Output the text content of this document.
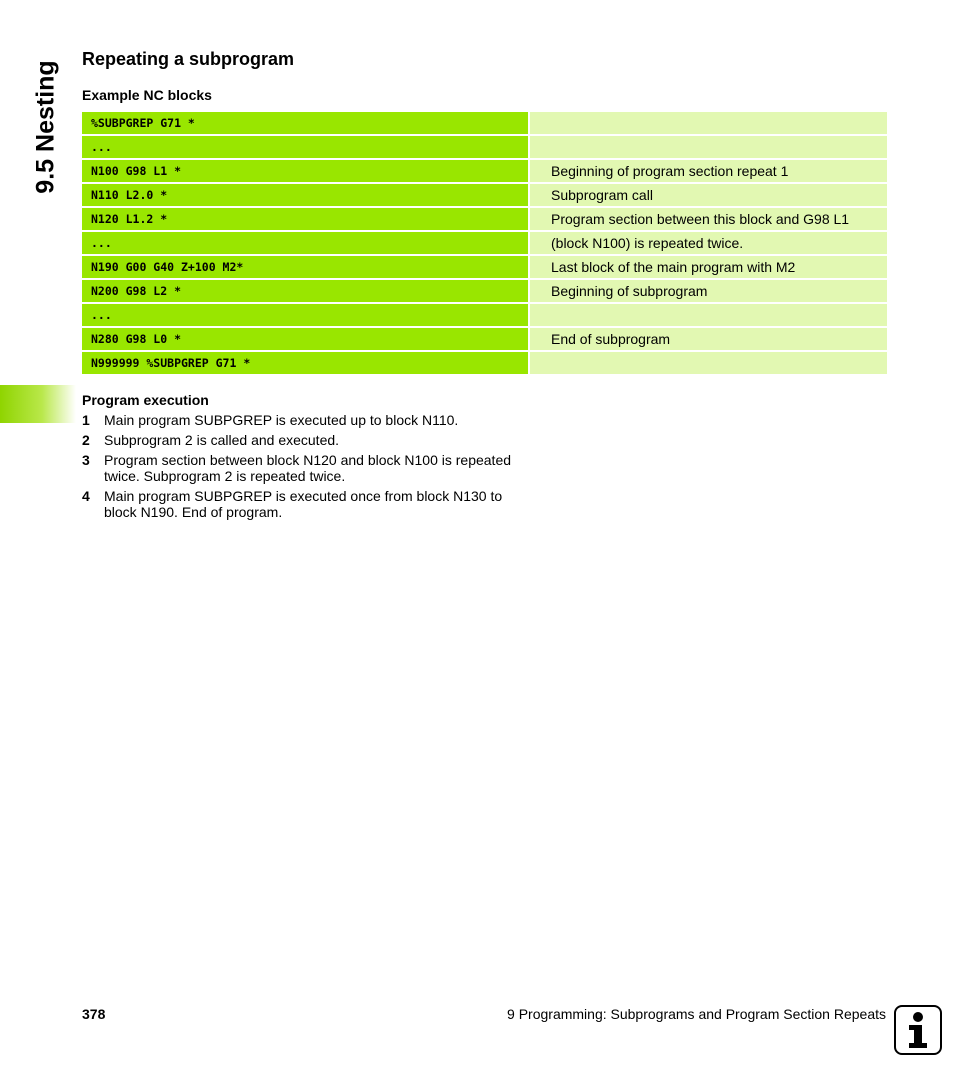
9.5 Nesting
Repeating a subprogram
Example NC blocks
%SUBPGREP G71 *
...
N100 G98 L1 *	Beginning of program section repeat 1
N110 L2.0 *	Subprogram call
N120 L1.2 *	Program section between this block and G98 L1
...	(block N100) is repeated twice.
N190 G00 G40 Z+100 M2*	Last block of the main program with M2
N200 G98 L2 *	Beginning of subprogram
...
N280 G98 L0 *	End of subprogram
N999999 %SUBPGREP G71 *
Program execution
1	Main program SUBPGREP is executed up to block N110.
2	Subprogram 2 is called and executed.
3	Program section between block N120 and block N100 is repeated twice. Subprogram 2 is repeated twice.
4	Main program SUBPGREP is executed once from block N130 to block N190. End of program.
378	9 Programming: Subprograms and Program Section Repeats
